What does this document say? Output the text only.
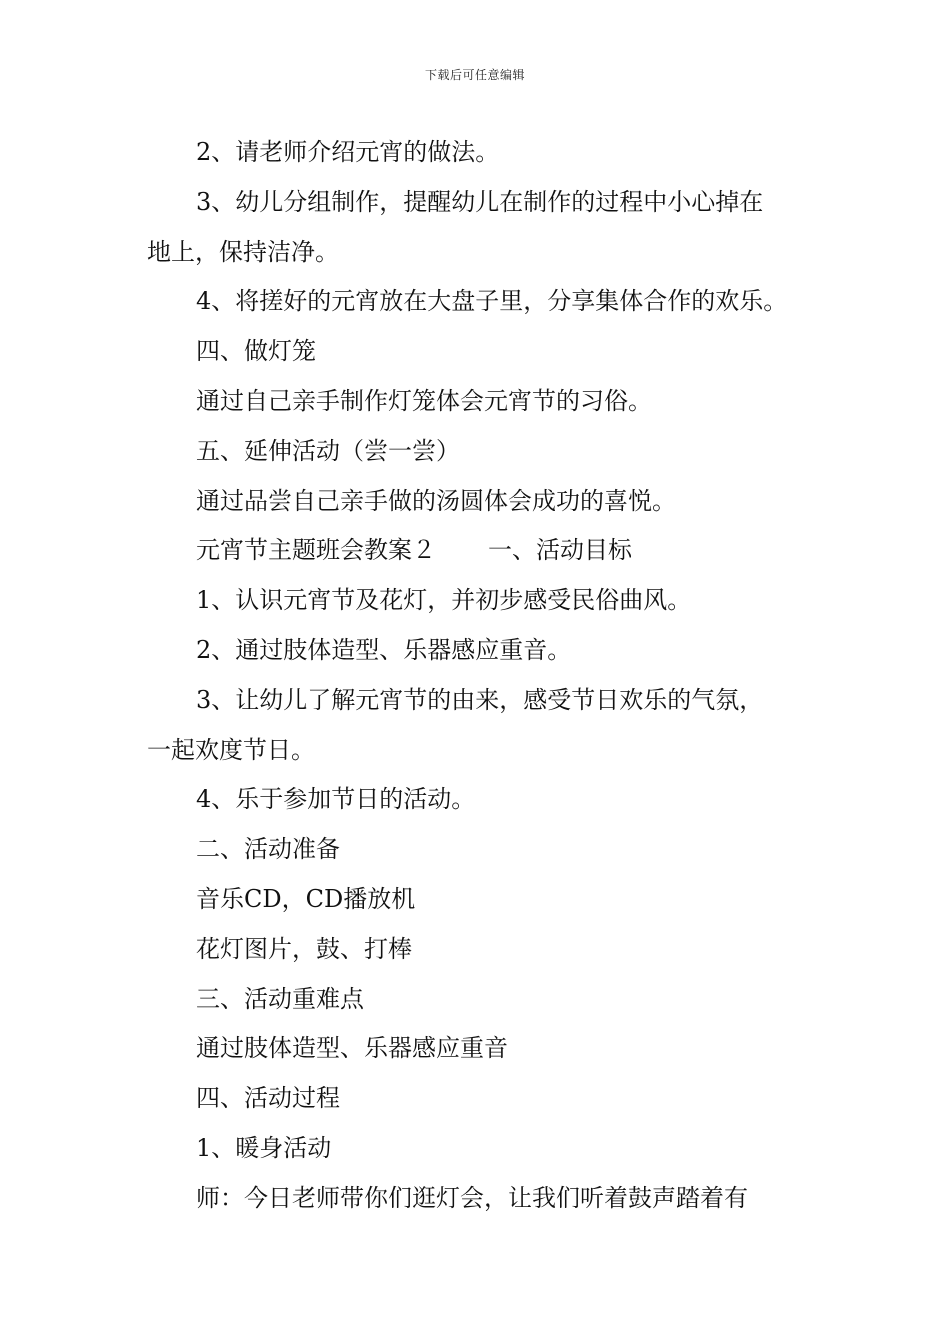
下载后可任意编辑
2、请老师介绍元宵的做法。
3、幼儿分组制作，提醒幼儿在制作的过程中小心掉在
地上，保持洁净。
4、将搓好的元宵放在大盘子里，分享集体合作的欢乐。
四、做灯笼
通过自己亲手制作灯笼体会元宵节的习俗。
五、延伸活动（尝一尝）
通过品尝自己亲手做的汤圆体会成功的喜悦。
元宵节主题班会教案２ 一、活动目标
1、认识元宵节及花灯，并初步感受民俗曲风。
2、通过肢体造型、乐器感应重音。
3、让幼儿了解元宵节的由来，感受节日欢乐的气氛，
一起欢度节日。
4、乐于参加节日的活动。
二、活动准备
音乐CD，CD播放机
花灯图片，鼓、打棒
三、活动重难点
通过肢体造型、乐器感应重音
四、活动过程
1、暖身活动
师：今日老师带你们逛灯会，让我们听着鼓声踏着有
